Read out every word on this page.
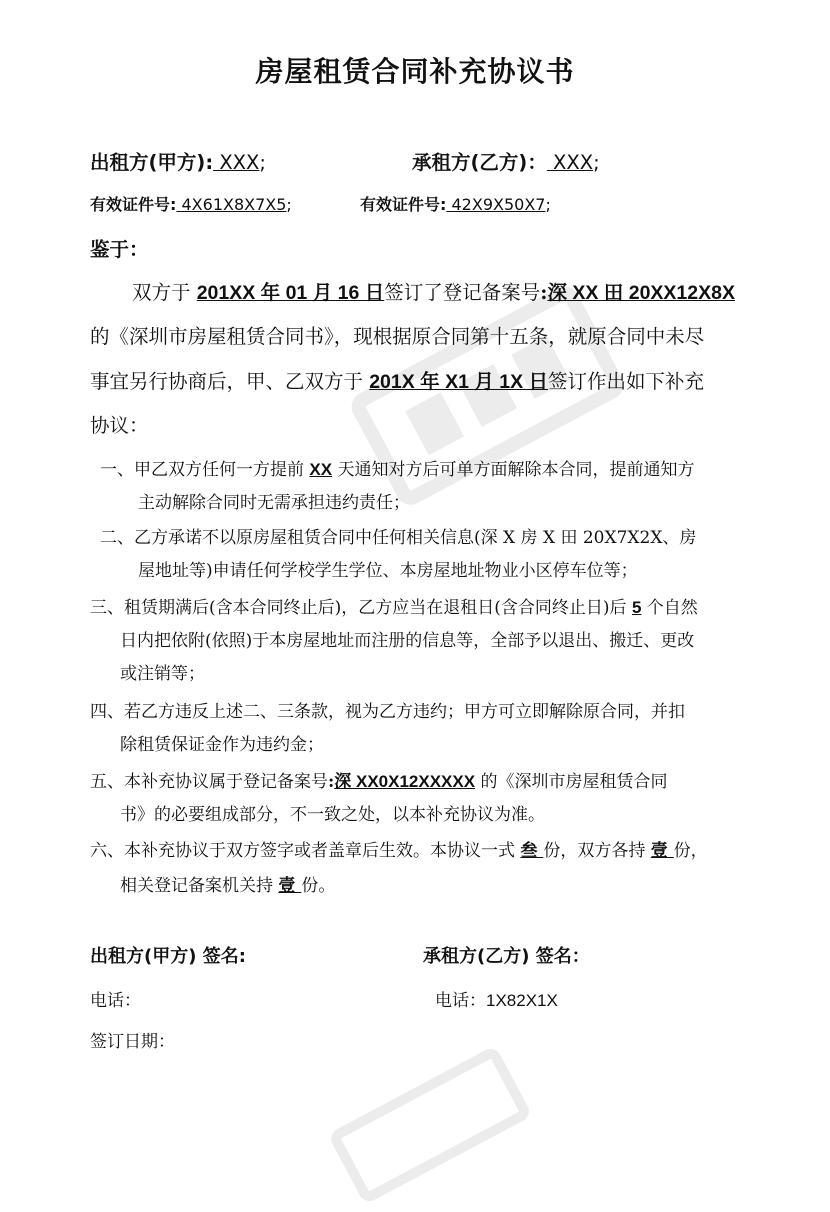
房屋租赁合同补充协议书
出租方(甲方): XXX;	承租方(乙方)： XXX;
有效证件号: 4X61X8X7X5;	有效证件号: 42X9X50X7;
鉴于：
双方于 201XX 年 01 月 16 日签订了登记备案号:深 XX 田 20XX12X8X
的《深圳市房屋租赁合同书》，现根据原合同第十五条，就原合同中未尽
事宜另行协商后，甲、乙双方于 201X 年 X1 月 1X 日签订作出如下补充
协议：
一、甲乙双方任何一方提前 XX 天通知对方后可单方面解除本合同，提前通知方
主动解除合同时无需承担违约责任；
二、乙方承诺不以原房屋租赁合同中任何相关信息(深 X 房 X 田 20X7X2X、房
屋地址等)申请任何学校学生学位、本房屋地址物业小区停车位等；
三、租赁期满后(含本合同终止后)，乙方应当在退租日(含合同终止日)后 5 个自然
日内把依附(依照)于本房屋地址而注册的信息等，全部予以退出、搬迁、更改
或注销等；
四、若乙方违反上述二、三条款，视为乙方违约；甲方可立即解除原合同，并扣
除租赁保证金作为违约金；
五、本补充协议属于登记备案号:深 XX0X12XXXXX 的《深圳市房屋租赁合同
书》的必要组成部分，不一致之处，以本补充协议为准。
六、本补充协议于双方签字或者盖章后生效。本协议一式 叁 份，双方各持 壹 份，
相关登记备案机关持 壹 份。
出租方(甲方) 签名:	承租方(乙方) 签名：
电话：	电话：1X82X1X
签订日期：
